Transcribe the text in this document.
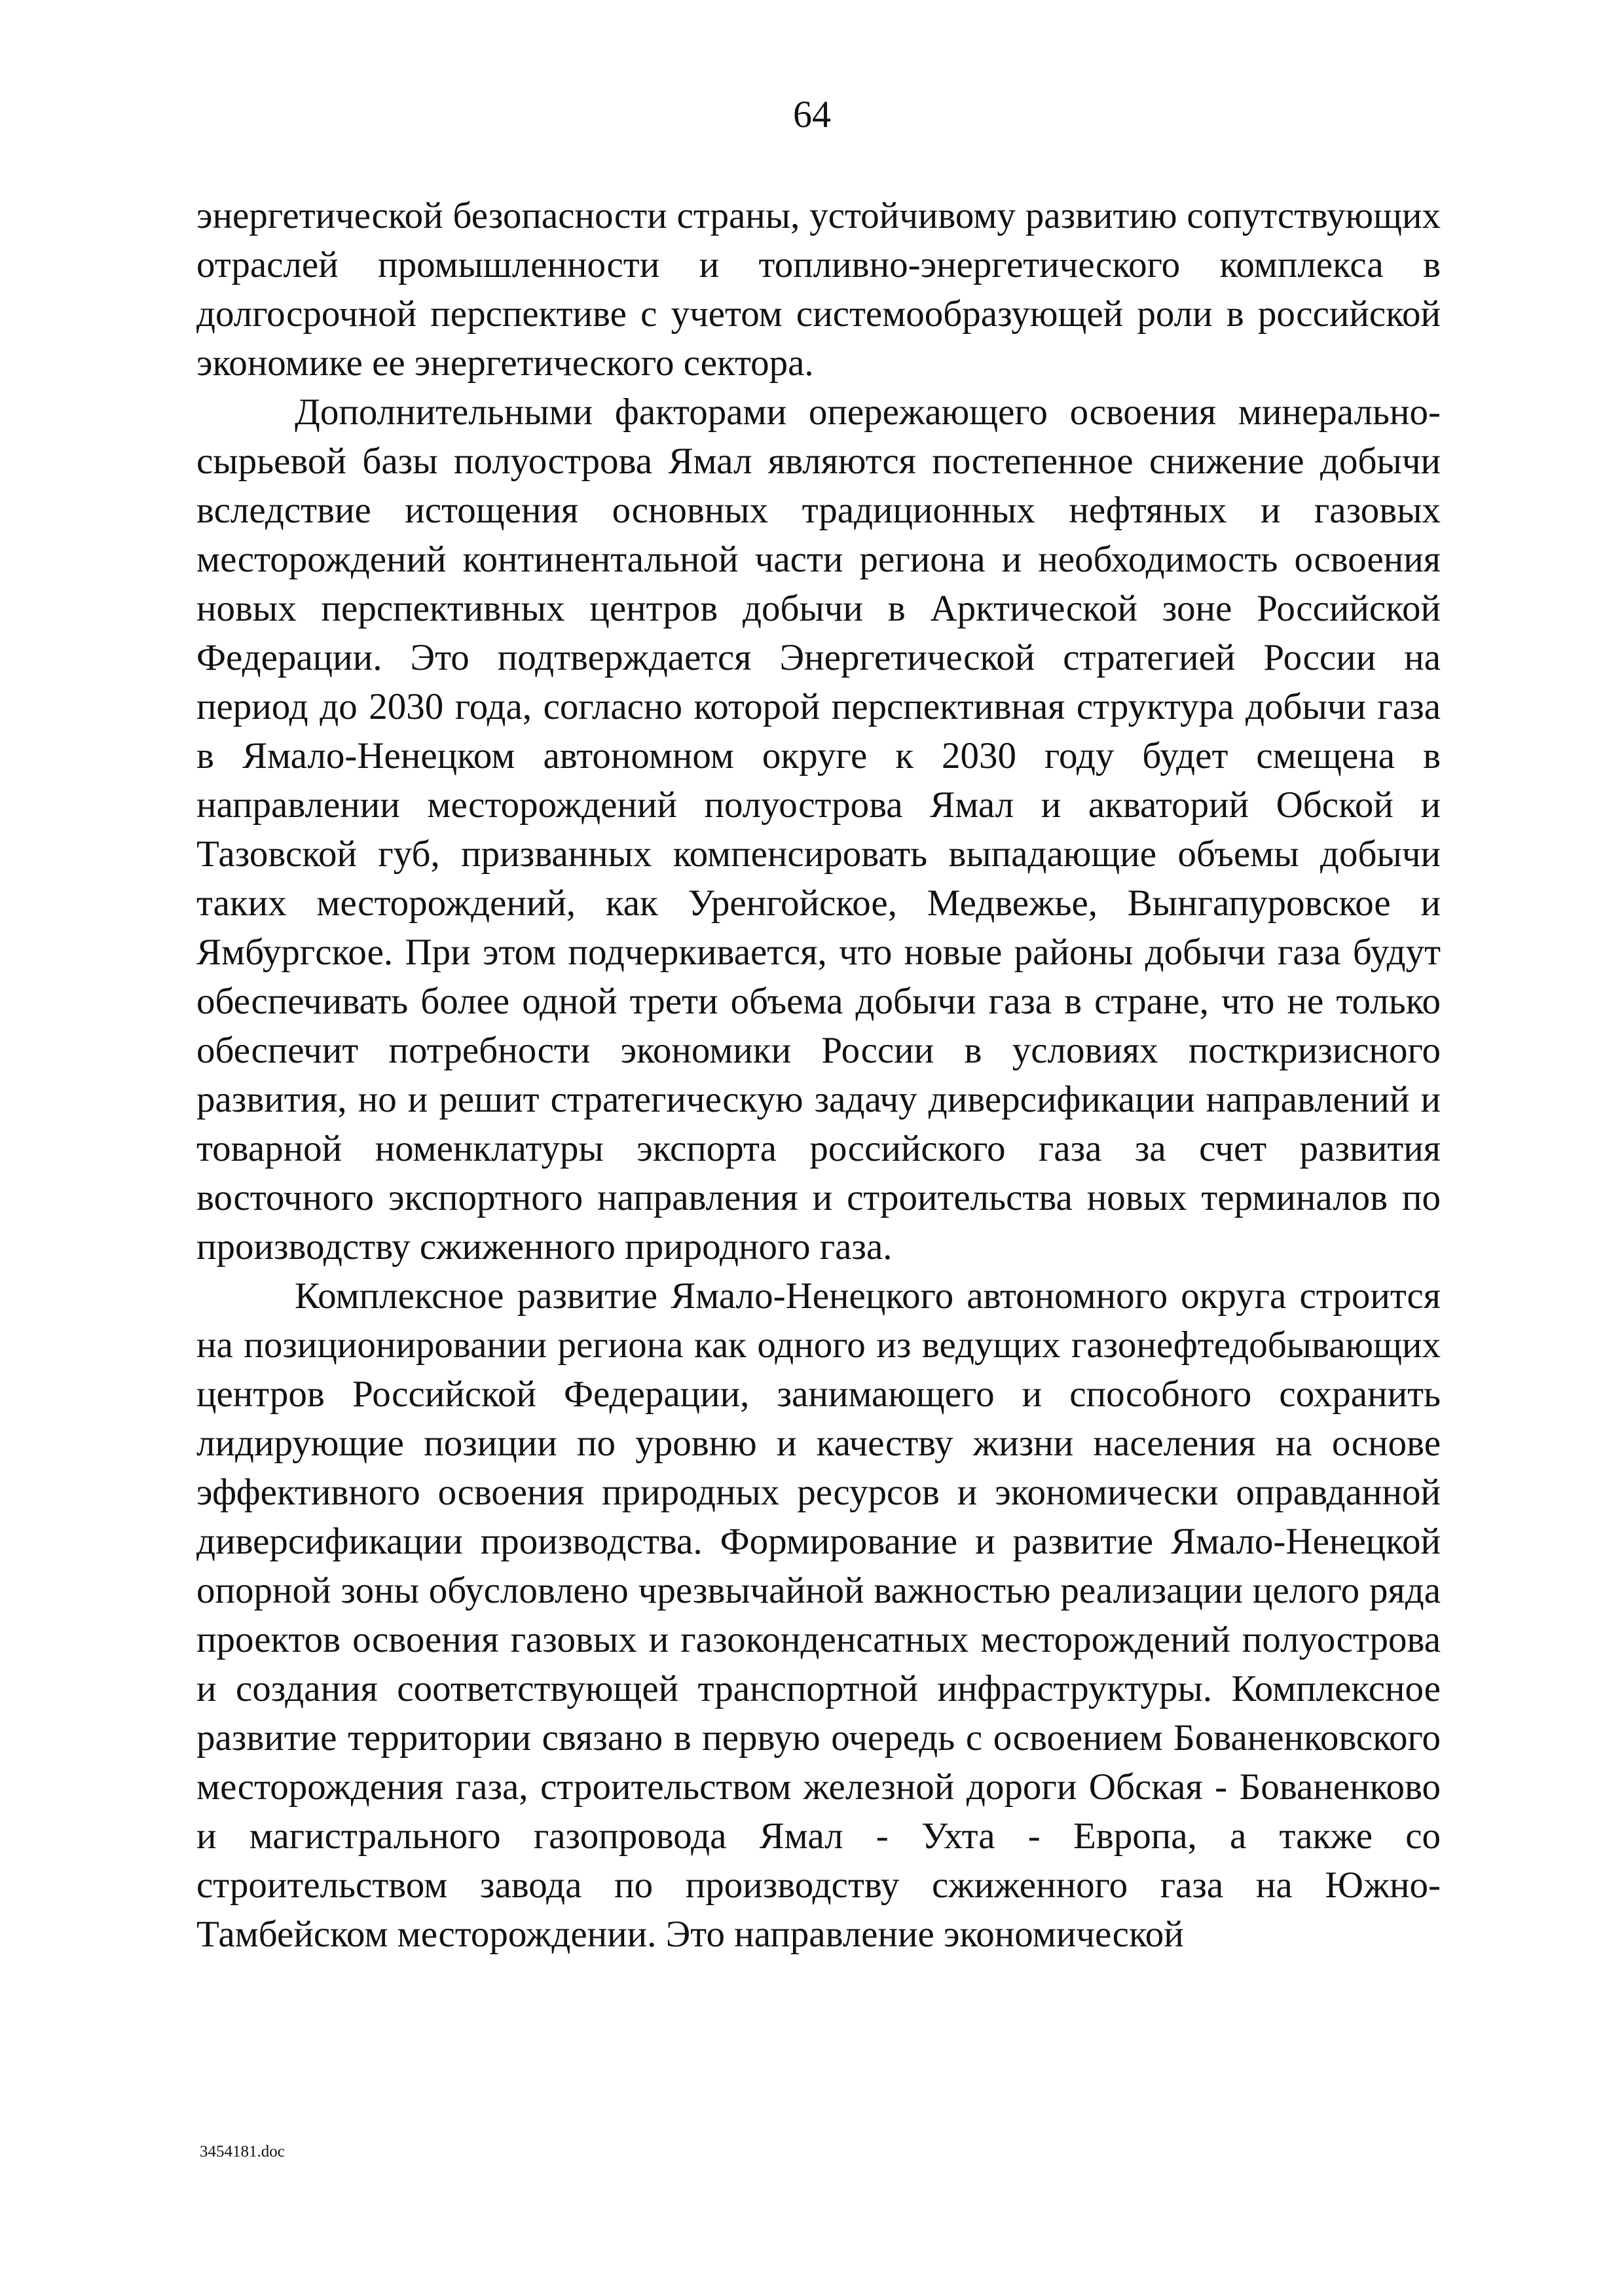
64

энергетической безопасности страны, устойчивому развитию сопутствующих отраслей промышленности и топливно-энергетического комплекса в долгосрочной перспективе с учетом системообразующей роли в российской экономике ее энергетического сектора.

Дополнительными факторами опережающего освоения минерально-сырьевой базы полуострова Ямал являются постепенное снижение добычи вследствие истощения основных традиционных нефтяных и газовых месторождений континентальной части региона и необходимость освоения новых перспективных центров добычи в Арктической зоне Российской Федерации. Это подтверждается Энергетической стратегией России на период до 2030 года, согласно которой перспективная структура добычи газа в Ямало-Ненецком автономном округе к 2030 году будет смещена в направлении месторождений полуострова Ямал и акваторий Обской и Тазовской губ, призванных компенсировать выпадающие объемы добычи таких месторождений, как Уренгойское, Медвежье, Вынгапуровское и Ямбургское. При этом подчеркивается, что новые районы добычи газа будут обеспечивать более одной трети объема добычи газа в стране, что не только обеспечит потребности экономики России в условиях посткризисного развития, но и решит стратегическую задачу диверсификации направлений и товарной номенклатуры экспорта российского газа за счет развития восточного экспортного направления и строительства новых терминалов по производству сжиженного природного газа.

Комплексное развитие Ямало-Ненецкого автономного округа строится на позиционировании региона как одного из ведущих газонефтедобывающих центров Российской Федерации, занимающего и способного сохранить лидирующие позиции по уровню и качеству жизни населения на основе эффективного освоения природных ресурсов и экономически оправданной диверсификации производства. Формирование и развитие Ямало-Ненецкой опорной зоны обусловлено чрезвычайной важностью реализации целого ряда проектов освоения газовых и газоконденсатных месторождений полуострова и создания соответствующей транспортной инфраструктуры. Комплексное развитие территории связано в первую очередь с освоением Бованенковского месторождения газа, строительством железной дороги Обская - Бованенково и магистрального газопровода Ямал - Ухта - Европа, а также со строительством завода по производству сжиженного газа на Южно-Тамбейском месторождении. Это направление экономической

3454181.doc
